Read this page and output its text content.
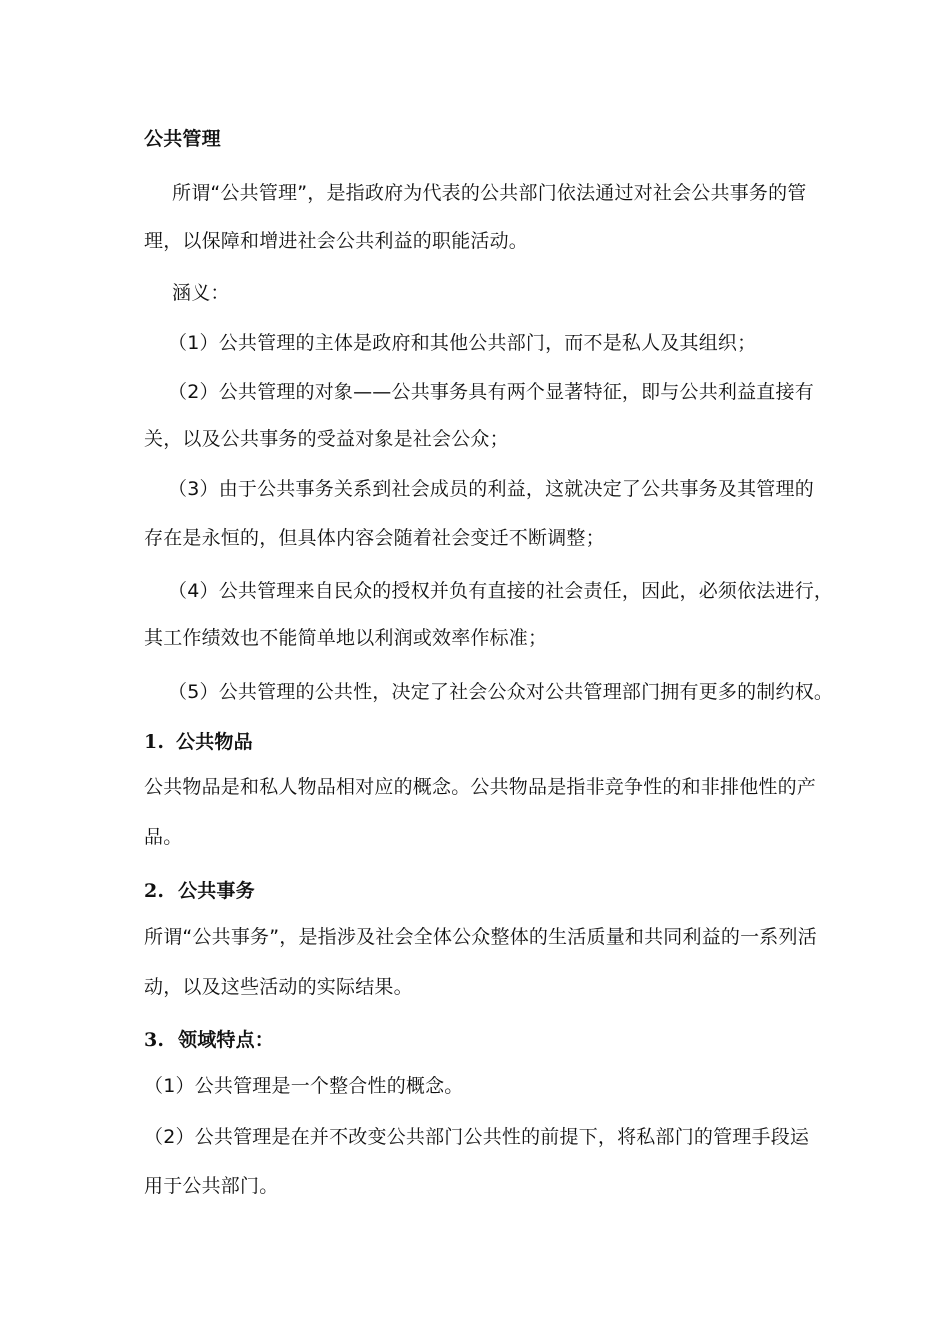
公共管理
所谓“公共管理”，是指政府为代表的公共部门依法通过对社会公共事务的管
理，以保障和增进社会公共利益的职能活动。
涵义：
（1）公共管理的主体是政府和其他公共部门，而不是私人及其组织；
（2）公共管理的对象——公共事务具有两个显著特征，即与公共利益直接有
关，以及公共事务的受益对象是社会公众；
（3）由于公共事务关系到社会成员的利益，这就决定了公共事务及其管理的
存在是永恒的，但具体内容会随着社会变迁不断调整；
（4）公共管理来自民众的授权并负有直接的社会责任，因此，必须依法进行，
其工作绩效也不能简单地以利润或效率作标准；
（5）公共管理的公共性，决定了社会公众对公共管理部门拥有更多的制约权。
1. 公共物品
公共物品是和私人物品相对应的概念。公共物品是指非竞争性的和非排他性的产
品。
2. 公共事务
所谓“公共事务”，是指涉及社会全体公众整体的生活质量和共同利益的一系列活
动，以及这些活动的实际结果。
3. 领域特点：
（1）公共管理是一个整合性的概念。
（2）公共管理是在并不改变公共部门公共性的前提下，将私部门的管理手段运
用于公共部门。
